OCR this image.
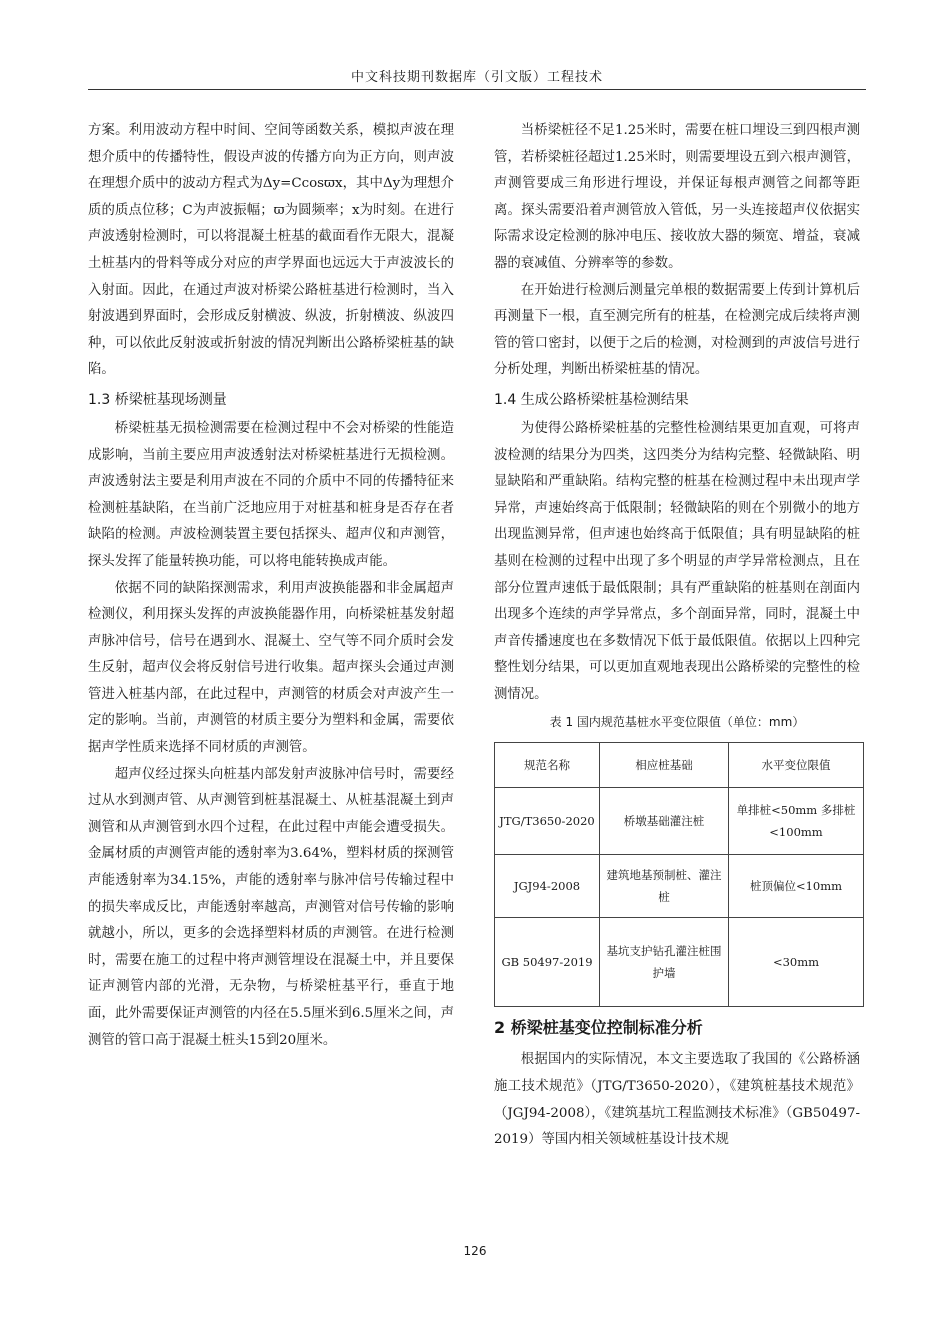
中文科技期刊数据库（引文版）工程技术

方案。利用波动方程中时间、空间等函数关系，模拟声波在理想介质中的传播特性，假设声波的传播方向为正方向，则声波在理想介质中的波动方程式为Δy=Ccosϖx，其中Δy为理想介质的质点位移；C为声波振幅；ϖ为圆频率；x为时刻。在进行声波透射检测时，可以将混凝土桩基的截面看作无限大，混凝土桩基内的骨料等成分对应的声学界面也远远大于声波波长的入射面。因此，在通过声波对桥梁公路桩基进行检测时，当入射波遇到界面时，会形成反射横波、纵波，折射横波、纵波四种，可以依此反射波或折射波的情况判断出公路桥梁桩基的缺陷。

1.3 桥梁桩基现场测量

桥梁桩基无损检测需要在检测过程中不会对桥梁的性能造成影响，当前主要应用声波透射法对桥梁桩基进行无损检测。声波透射法主要是利用声波在不同的介质中不同的传播特征来检测桩基缺陷，在当前广泛地应用于对桩基和桩身是否存在者缺陷的检测。声波检测装置主要包括探头、超声仪和声测管，探头发挥了能量转换功能，可以将电能转换成声能。

依据不同的缺陷探测需求，利用声波换能器和非金属超声检测仪，利用探头发挥的声波换能器作用，向桥梁桩基发射超声脉冲信号，信号在遇到水、混凝土、空气等不同介质时会发生反射，超声仪会将反射信号进行收集。超声探头会通过声测管进入桩基内部，在此过程中，声测管的材质会对声波产生一定的影响。当前，声测管的材质主要分为塑料和金属，需要依据声学性质来选择不同材质的声测管。

超声仪经过探头向桩基内部发射声波脉冲信号时，需要经过从水到测声管、从声测管到桩基混凝土、从桩基混凝土到声测管和从声测管到水四个过程，在此过程中声能会遭受损失。金属材质的声测管声能的透射率为3.64%，塑料材质的探测管声能透射率为34.15%，声能的透射率与脉冲信号传输过程中的损失率成反比，声能透射率越高，声测管对信号传输的影响就越小，所以，更多的会选择塑料材质的声测管。在进行检测时，需要在施工的过程中将声测管埋设在混凝土中，并且要保证声测管内部的光滑，无杂物，与桥梁桩基平行，垂直于地面，此外需要保证声测管的内径在5.5厘米到6.5厘米之间，声测管的管口高于混凝土桩头15到20厘米。

当桥梁桩径不足1.25米时，需要在桩口埋设三到四根声测管，若桥梁桩径超过1.25米时，则需要埋设五到六根声测管，声测管要成三角形进行埋设，并保证每根声测管之间都等距离。探头需要沿着声测管放入管低，另一头连接超声仪依据实际需求设定检测的脉冲电压、接收放大器的频宽、增益，衰减器的衰减值、分辨率等的参数。

在开始进行检测后测量完单根的数据需要上传到计算机后再测量下一根，直至测完所有的桩基，在检测完成后续将声测管的管口密封，以便于之后的检测，对检测到的声波信号进行分析处理，判断出桥梁桩基的情况。

1.4 生成公路桥梁桩基检测结果

为使得公路桥梁桩基的完整性检测结果更加直观，可将声波检测的结果分为四类，这四类分为结构完整、轻微缺陷、明显缺陷和严重缺陷。结构完整的桩基在检测过程中未出现声学异常，声速始终高于低限制；轻微缺陷的则在个别微小的地方出现监测异常，但声速也始终高于低限值；具有明显缺陷的桩基则在检测的过程中出现了多个明显的声学异常检测点，且在部分位置声速低于最低限制；具有严重缺陷的桩基则在剖面内出现多个连续的声学异常点，多个剖面异常，同时，混凝土中声音传播速度也在多数情况下低于最低限值。依据以上四种完整性划分结果，可以更加直观地表现出公路桥梁的完整性的检测情况。

表 1 国内规范基桩水平变位限值（单位：mm）
规范名称	相应桩基础	水平变位限值
JTG/T3650-2020	桥墩基础灌注桩	单排桩<50mm 多排桩<100mm
JGJ94-2008	建筑地基预制桩、灌注桩	桩顶偏位<10mm
GB 50497-2019	基坑支护钻孔灌注桩围护墙	<30mm
2 桥梁桩基变位控制标准分析

根据国内的实际情况，本文主要选取了我国的《公路桥涵施工技术规范》（JTG/T3650-2020），《建筑桩基技术规范》（JGJ94-2008），《建筑基坑工程监测技术标准》（GB50497-2019）等国内相关领域桩基设计技术规

126
